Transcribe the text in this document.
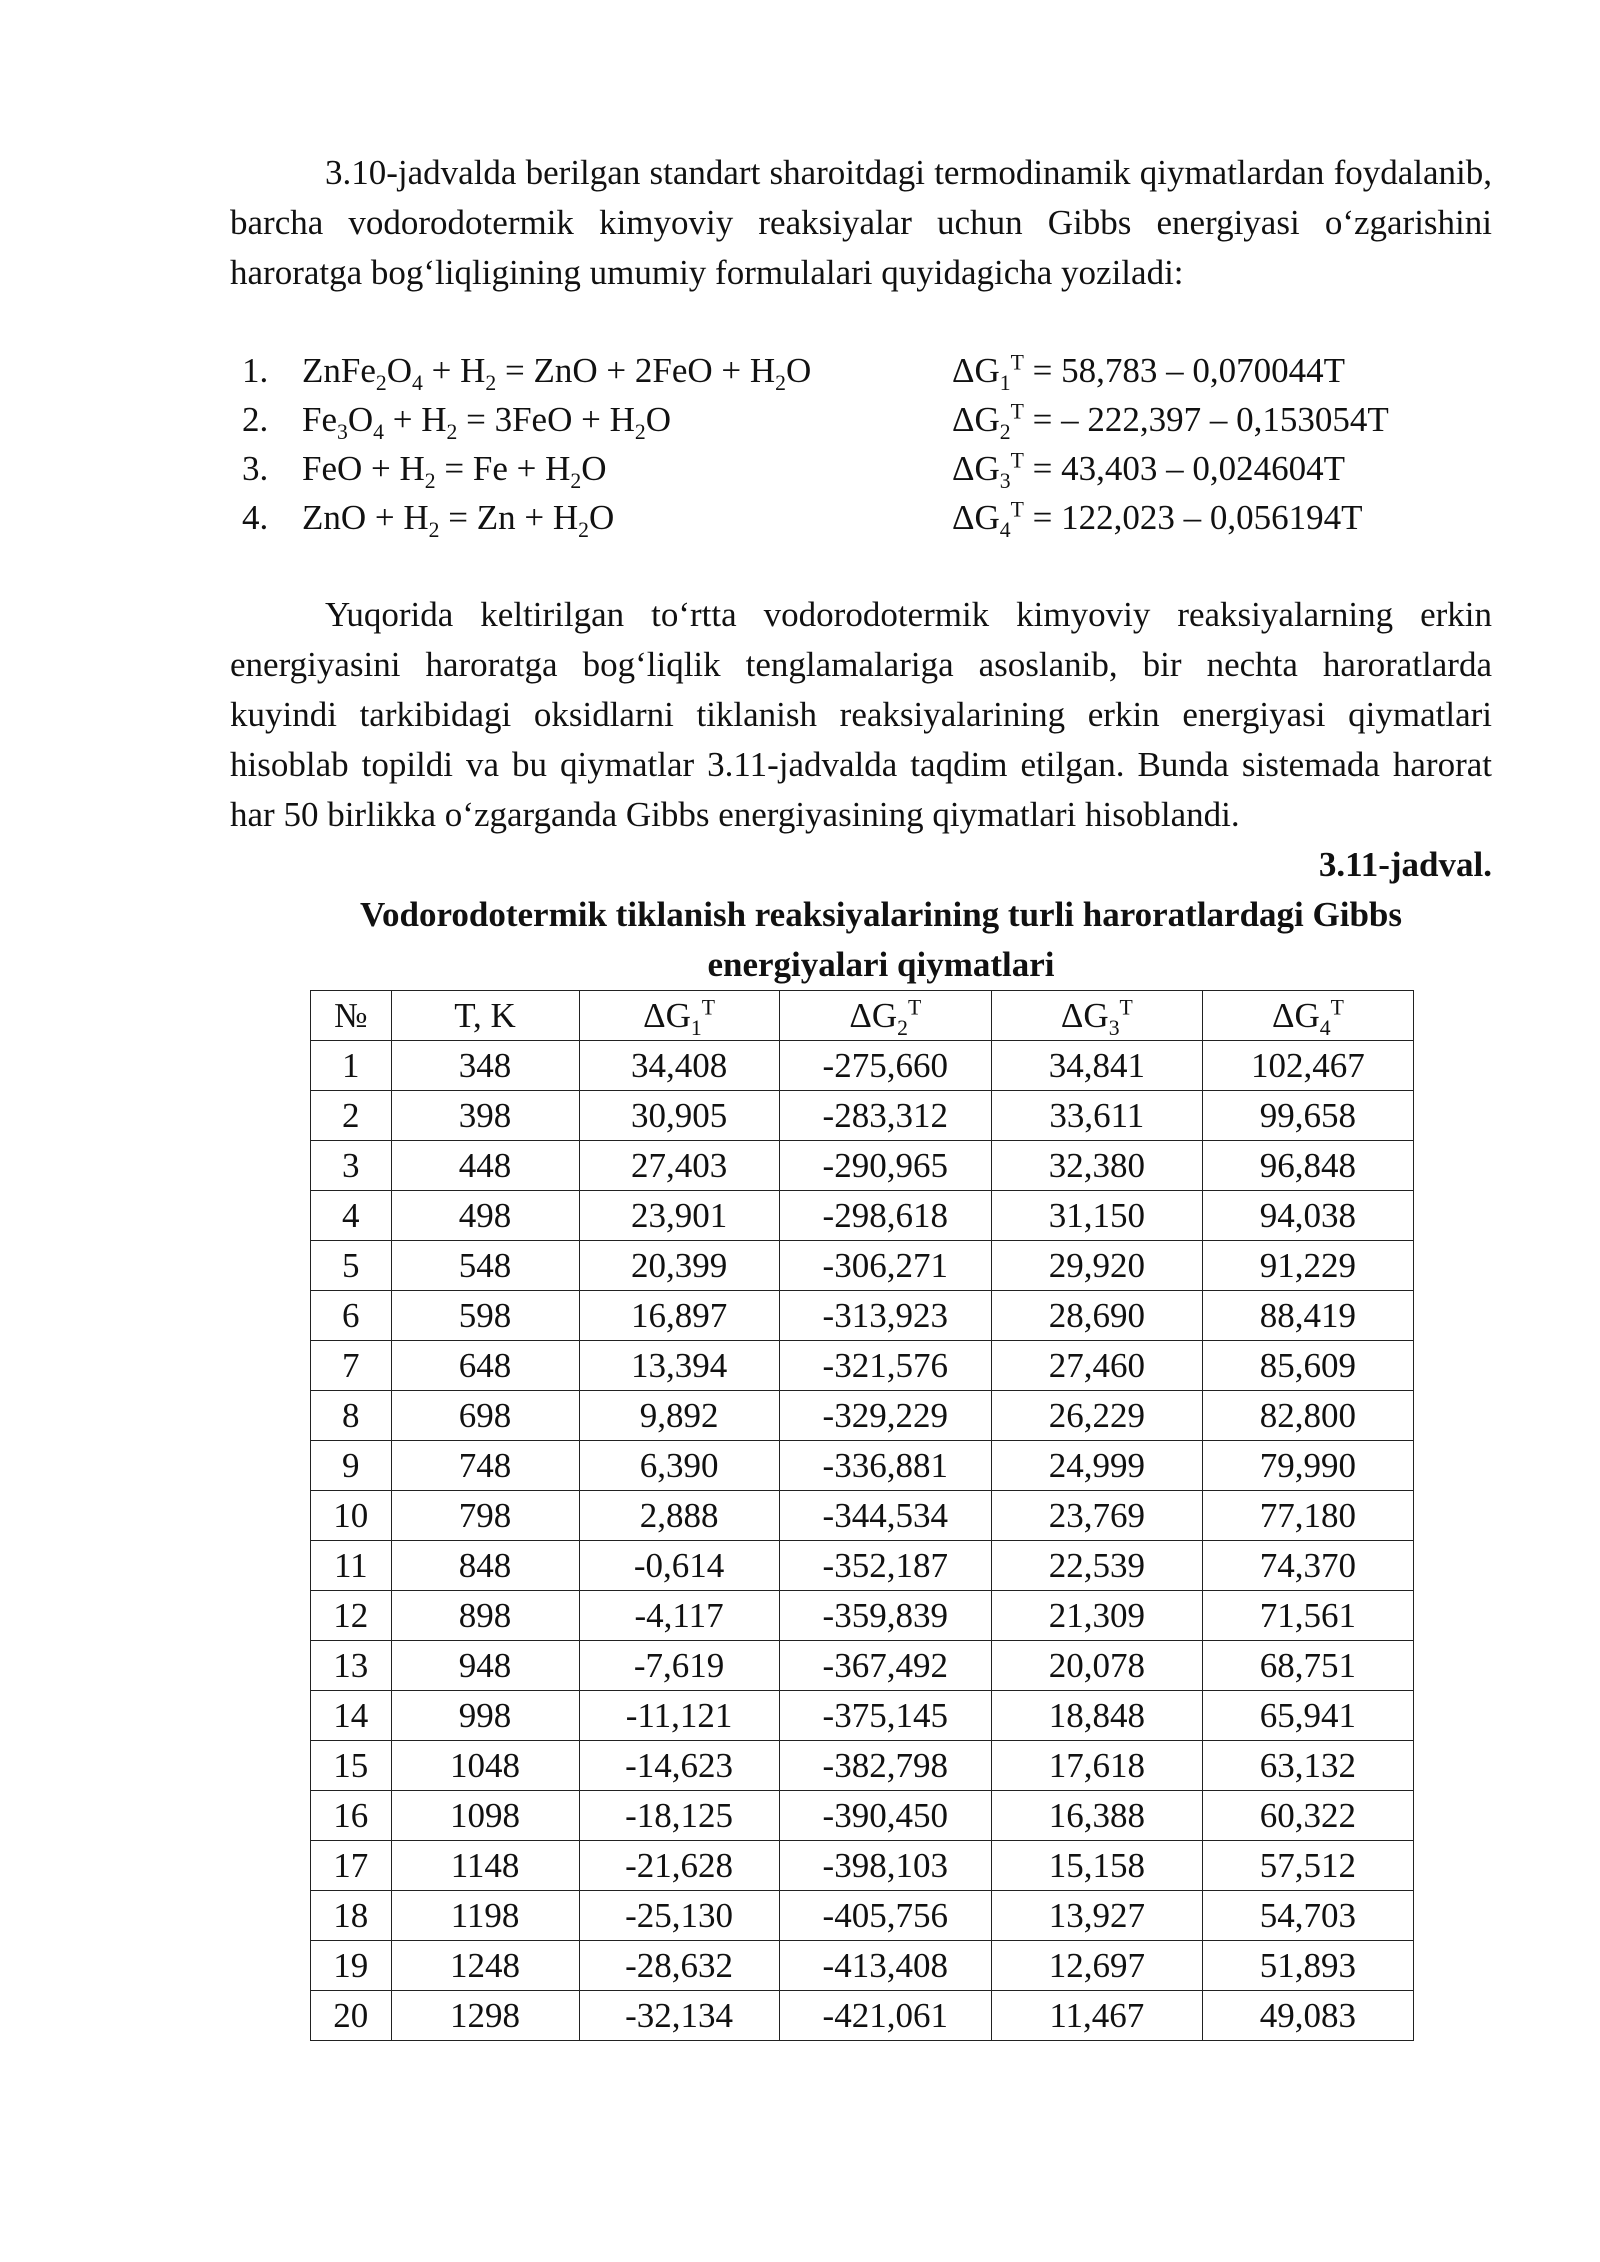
3.10-jadvalda berilgan standart sharoitdagi termodinamik qiymatlardan foydalanib, barcha vodorodotermik kimyoviy reaksiyalar uchun Gibbs energiyasi o‘zgarishini haroratga bog‘liqligining umumiy formulalari quyidagicha yoziladi:

1. $ZnFe_2O_4 + H_2$ = ZnO + $2FeO + H_2O$	$\Delta G_1^T = 58,783 - 0,070044T$
2. $Fe_3O_4 + H_2 = 3FeO + H_2O$	$\Delta G_2^T$ = – 222,397 – 0,153054T
3. FeO + $H_2 = Fe + H_2O$	$\Delta G_3^T = 43,403 - 0,024604T$
4. ZnO + $H_2 = Zn + H_2O$	$\Delta G_4^T = 122,023 - 0,056194T$

Yuqorida keltirilgan to‘rtta vodorodotermik kimyoviy reaksiyalarning erkin energiyasini haroratga bog‘liqlik tenglamalariga asoslanib, bir nechta haroratlarda kuyindi tarkibidagi oksidlarni tiklanish reaksiyalarining erkin energiyasi qiymatlari hisoblab topildi va bu qiymatlar 3.11-jadvalda taqdim etilgan. Bunda sistemada harorat har 50 birlikka o‘zgarganda Gibbs energiyasining qiymatlari hisoblandi.

3.11-jadval.

Vodorodotermik tiklanish reaksiyalarining turli haroratlardagi Gibbs energiyalari qiymatlari

№	T, K	$\Delta G_1^T$	$\Delta G_2^T$	$\Delta G_3^T$	$\Delta G_4^T$
1	348	34,408	-275,660	34,841	102,467
2	398	30,905	-283,312	33,611	99,658
3	448	27,403	-290,965	32,380	96,848
4	498	23,901	-298,618	31,150	94,038
5	548	20,399	-306,271	29,920	91,229
6	598	16,897	-313,923	28,690	88,419
7	648	13,394	-321,576	27,460	85,609
8	698	9,892	-329,229	26,229	82,800
9	748	6,390	-336,881	24,999	79,990
10	798	2,888	-344,534	23,769	77,180
11	848	-0,614	-352,187	22,539	74,370
12	898	-4,117	-359,839	21,309	71,561
13	948	-7,619	-367,492	20,078	68,751
14	998	-11,121	-375,145	18,848	65,941
15	1048	-14,623	-382,798	17,618	63,132
16	1098	-18,125	-390,450	16,388	60,322
17	1148	-21,628	-398,103	15,158	57,512
18	1198	-25,130	-405,756	13,927	54,703
19	1248	-28,632	-413,408	12,697	51,893
20	1298	-32,134	-421,061	11,467	49,083
